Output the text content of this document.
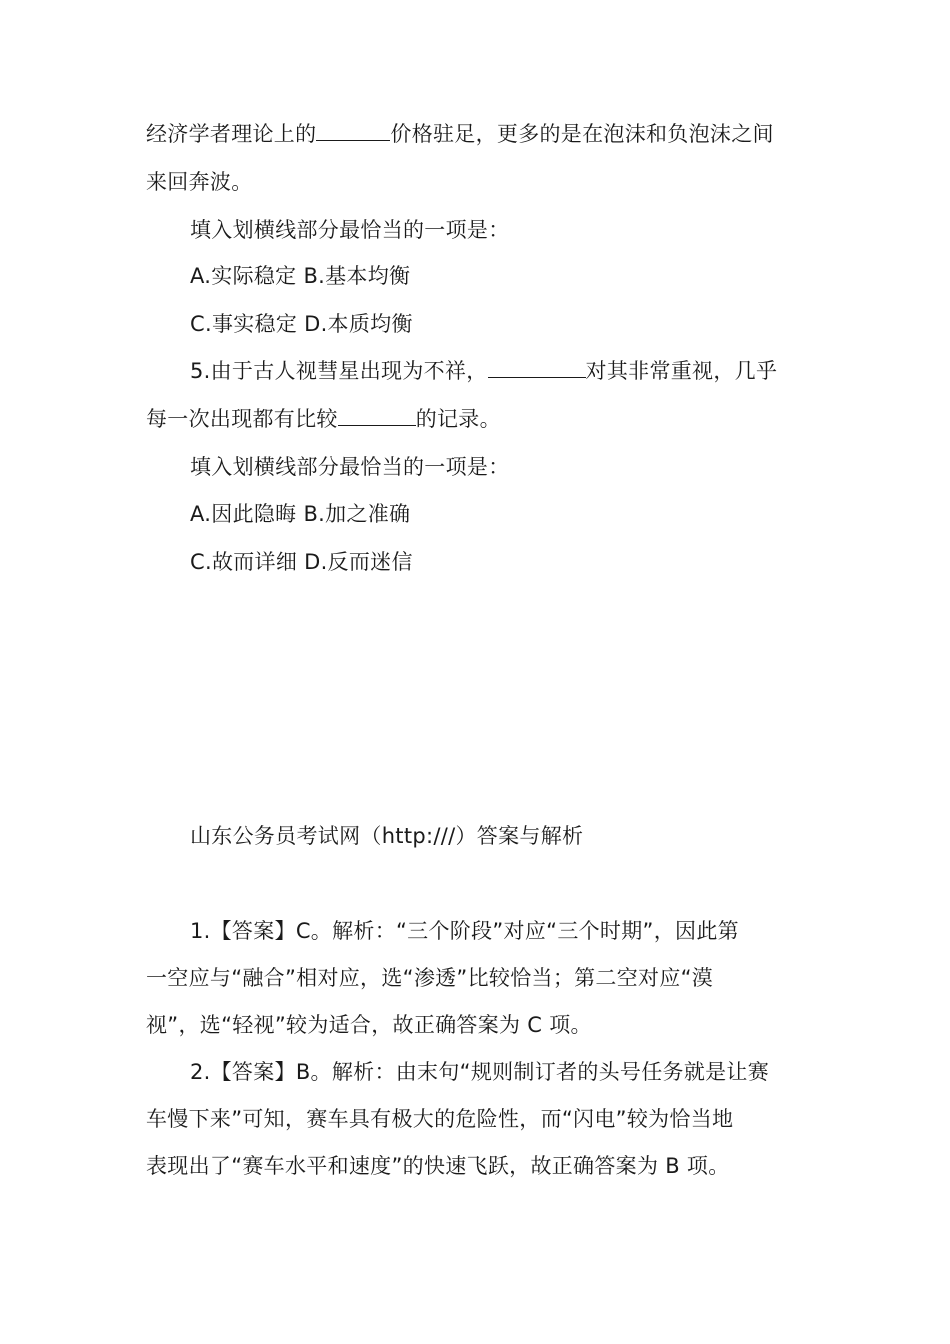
经济学者理论上的	价格驻足，更多的是在泡沫和负泡沫之间
来回奔波。
填入划横线部分最恰当的一项是：
A.实际稳定 B.基本均衡
C.事实稳定 D.本质均衡
5.由于古人视彗星出现为不祥，	对其非常重视，几乎
每一次出现都有比较	的记录。
填入划横线部分最恰当的一项是：
A.因此隐晦 B.加之准确
C.故而详细 D.反而迷信
山东公务员考试网（http:///）答案与解析
1.【答案】C。解析：“三个阶段”对应“三个时期”，因此第
一空应与“融合”相对应，选“渗透”比较恰当；第二空对应“漠
视”，选“轻视”较为适合，故正确答案为 C 项。
2.【答案】B。解析：由末句“规则制订者的头号任务就是让赛
车慢下来”可知，赛车具有极大的危险性，而“闪电”较为恰当地
表现出了“赛车水平和速度”的快速飞跃，故正确答案为 B 项。
